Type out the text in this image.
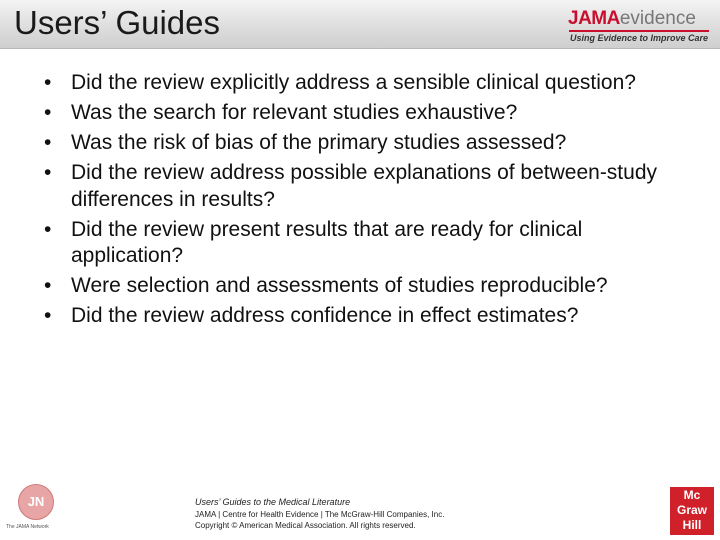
Users’ Guides	JAMAevidence
Using Evidence to Improve Care
• Did the review explicitly address a sensible clinical question?
• Was the search for relevant studies exhaustive?
• Was the risk of bias of the primary studies assessed?
• Did the review address possible explanations of between-study differences in results?
• Did the review present results that are ready for clinical application?
• Were selection and assessments of studies reproducible?
• Did the review address confidence in effect estimates?
JN
The JAMA Network
Users’ Guides to the Medical Literature
JAMA | Centre for Health Evidence | The McGraw-Hill Companies, Inc.
Copyright © American Medical Association. All rights reserved.
Mc
Graw
Hill
